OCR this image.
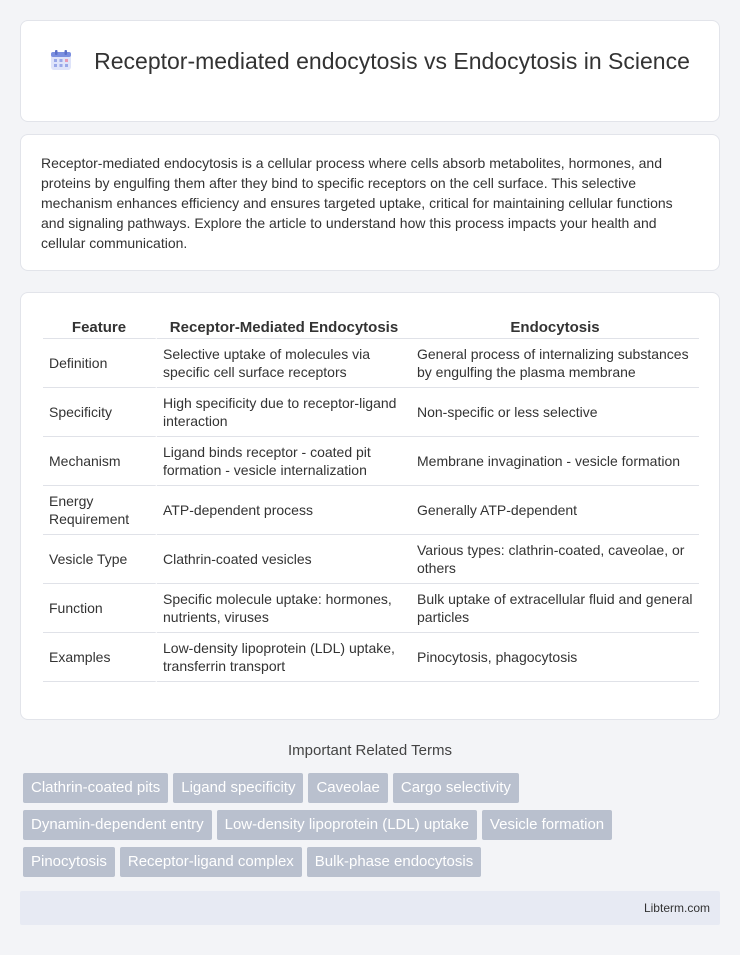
Receptor-mediated endocytosis vs Endocytosis in Science

Receptor-mediated endocytosis is a cellular process where cells absorb metabolites, hormones, and proteins by engulfing them after they bind to specific receptors on the cell surface. This selective mechanism enhances efficiency and ensures targeted uptake, critical for maintaining cellular functions and signaling pathways. Explore the article to understand how this process impacts your health and cellular communication.

Feature	Receptor-Mediated Endocytosis	Endocytosis
Definition	Selective uptake of molecules via specific cell surface receptors	General process of internalizing substances by engulfing the plasma membrane
Specificity	High specificity due to receptor-ligand interaction	Non-specific or less selective
Mechanism	Ligand binds receptor - coated pit formation - vesicle internalization	Membrane invagination - vesicle formation
Energy Requirement	ATP-dependent process	Generally ATP-dependent
Vesicle Type	Clathrin-coated vesicles	Various types: clathrin-coated, caveolae, or others
Function	Specific molecule uptake: hormones, nutrients, viruses	Bulk uptake of extracellular fluid and general particles
Examples	Low-density lipoprotein (LDL) uptake, transferrin transport	Pinocytosis, phagocytosis
Important Related Terms
Clathrin-coated pits Ligand specificity Caveolae Cargo selectivity
Dynamin-dependent entry Low-density lipoprotein (LDL) uptake Vesicle formation
Pinocytosis Receptor-ligand complex Bulk-phase endocytosis
Libterm.com
